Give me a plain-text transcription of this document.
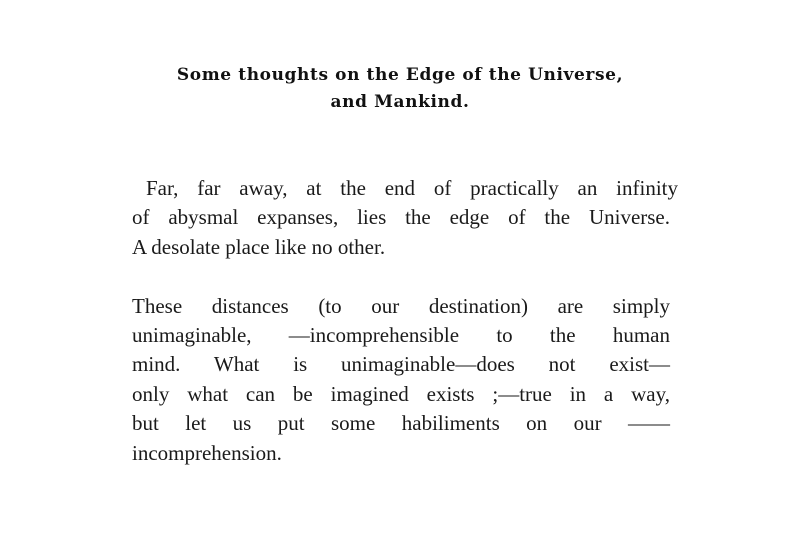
Some thoughts on the Edge of the Universe,
and Mankind.
Far, far away, at the end of practically an infinity
of abysmal expanses, lies the edge of the Universe.
A desolate place like no other.
These distances (to our destination) are simply
unimaginable, —incomprehensible to the human
mind. What is unimaginable—does not exist—
only what can be imagined exists ;—true in a way,
but let us put some habiliments on our ——
incomprehension.
